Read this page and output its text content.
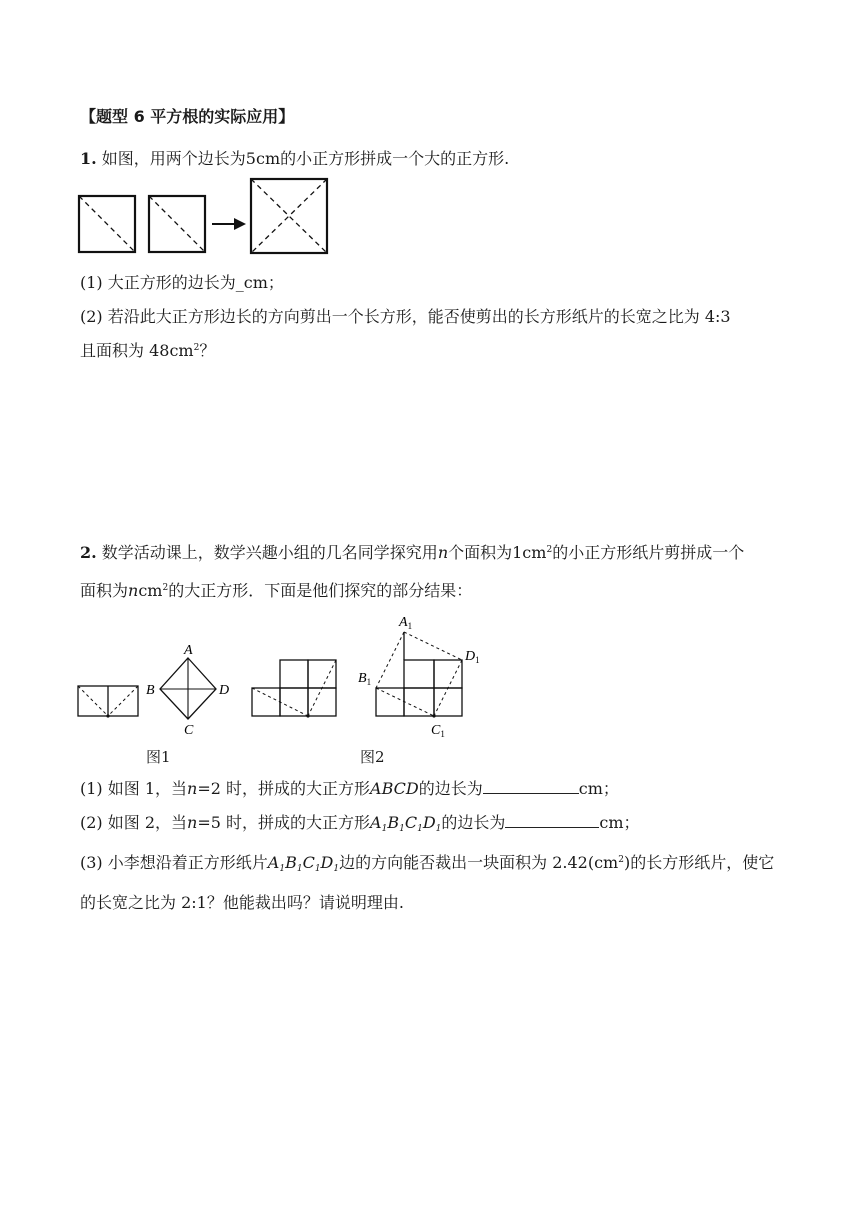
【题型 6 平方根的实际应用】
1. 如图，用两个边长为5cm的小正方形拼成一个大的正方形.
(1) 大正方形的边长为_cm；
(2) 若沿此大正方形边长的方向剪出一个长方形，能否使剪出的长方形纸片的长宽之比为 4:3
且面积为 $48cm^2$？
2. 数学活动课上，数学兴趣小组的几名同学探究用n个面积为$1cm^2$的小正方形纸片剪拼成一个
面积为ncm$^2$的大正方形．下面是他们探究的部分结果：
A
B	D
C
图1
$A_1$
$B_1$
$D_1$
$C_1$
图2
(1) 如图 1，当n=2 时，拼成的大正方形ABCD的边长为	cm；
(2) 如图 2，当n=5 时，拼成的大正方形$A_1B_1C_1D_1$的边长为	cm；
(3) 小李想沿着正方形纸片$A_1B_1C_1D_1$边的方向能否裁出一块面积为 $2.42(cm^2)$的长方形纸片，使它
的长宽之比为 2:1？他能裁出吗？请说明理由.
